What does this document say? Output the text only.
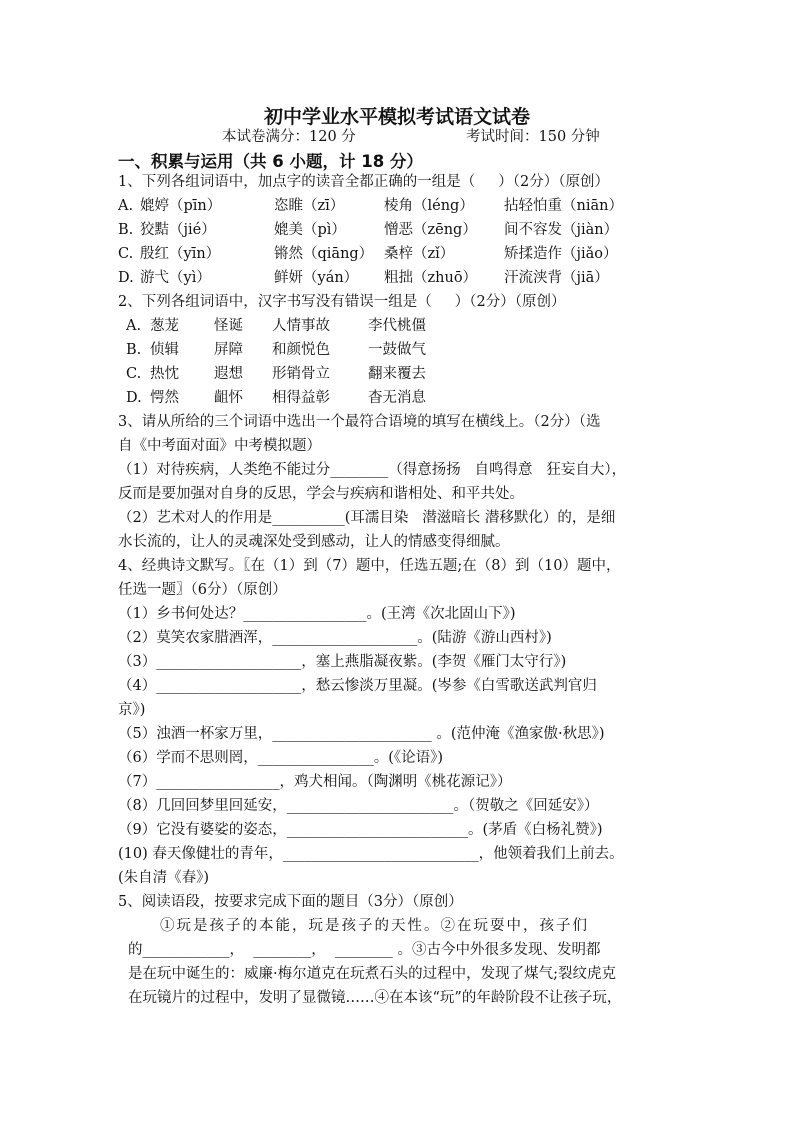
初中学业水平模拟考试语文试卷
本试卷满分：120 分	考试时间：150 分钟
一、积累与运用（共 6 小题，计 18 分）
1、下列各组词语中，加点字的读音全都正确的一组是（     ）（2分）（原创）
A. 媲婷（pīn）	恣睢（zī）	棱角（léng） 拈轻怕重（niān）
B. 狡黠（jié）	媲美（pì）	憎恶（zēng） 间不容发（jiàn）
C. 殷红（yīn）	锵然（qiāng） 桑梓（zǐ）	矫揉造作（jiǎo）
D. 游弋（yì）	鲜妍（yán） 粗拙（zhuō） 汗流浃背（jiā）
2、下列各组词语中，汉字书写没有错误一组是（     ）（2分）（原创）
A. 葱茏 怪诞 人情事故	李代桃僵
B. 侦辑 屏障 和颜悦色	一鼓做气
C. 热忱 遐想 形销骨立	翻来覆去
D. 愕然 齟怀 相得益彰	杳无消息
3、请从所给的三个词语中选出一个最符合语境的填写在横线上。（2分）（选
自《中考面对面》中考模拟题）
（1）对待疾病，人类绝不能过分________（得意扬扬   自鸣得意   狂妄自大），
反而是要加强对自身的反思，学会与疾病和谐相处、和平共处。
（2）艺术对人的作用是__________(耳濡目染   潜滋暗长 潜移默化）的，是细
水长流的，让人的灵魂深处受到感动，让人的情感变得细腻。
4、经典诗文默写。〖在（1）到（7）题中，任选五题;在（8）到（10）题中，
任选一题〗（6分）（原创）
（1）乡书何处达？_________________。(王湾《次北固山下》)
（2）莫笑农家腊酒浑，____________________。(陆游《游山西村》)
（3）____________________，塞上燕脂凝夜紫。(李贺《雁门太守行》)
（4）____________________，愁云惨淡万里凝。(岑参《白雪歌送武判官归
京》)
（5）浊酒一杯家万里，______________________ 。(范仲淹《渔家傲·秋思》)
（6）学而不思则罔，________________。(《论语》)
（7）_________________，鸡犬相闻。（陶渊明《桃花源记》）
（8）几回回梦里回延安，_______________________。（贺敬之《回延安》）
（9）它没有婆娑的姿态，_________________________。(茅盾《白杨礼赞》)
(10) 春天像健壮的青年，___________________________，他领着我们上前去。
(朱自清《春》)
5、阅读语段，按要求完成下面的题目（3分）（原创）
①玩是孩子的本能，玩是孩子的天性。②在玩耍中，孩子们
的____________，  ________，  ________ 。③古今中外很多发现、发明都
是在玩中诞生的：威廉·梅尔道克在玩煮石头的过程中，发现了煤气;裂纹虎克
在玩镜片的过程中，发明了显微镜……④在本该“玩”的年龄阶段不让孩子玩，
